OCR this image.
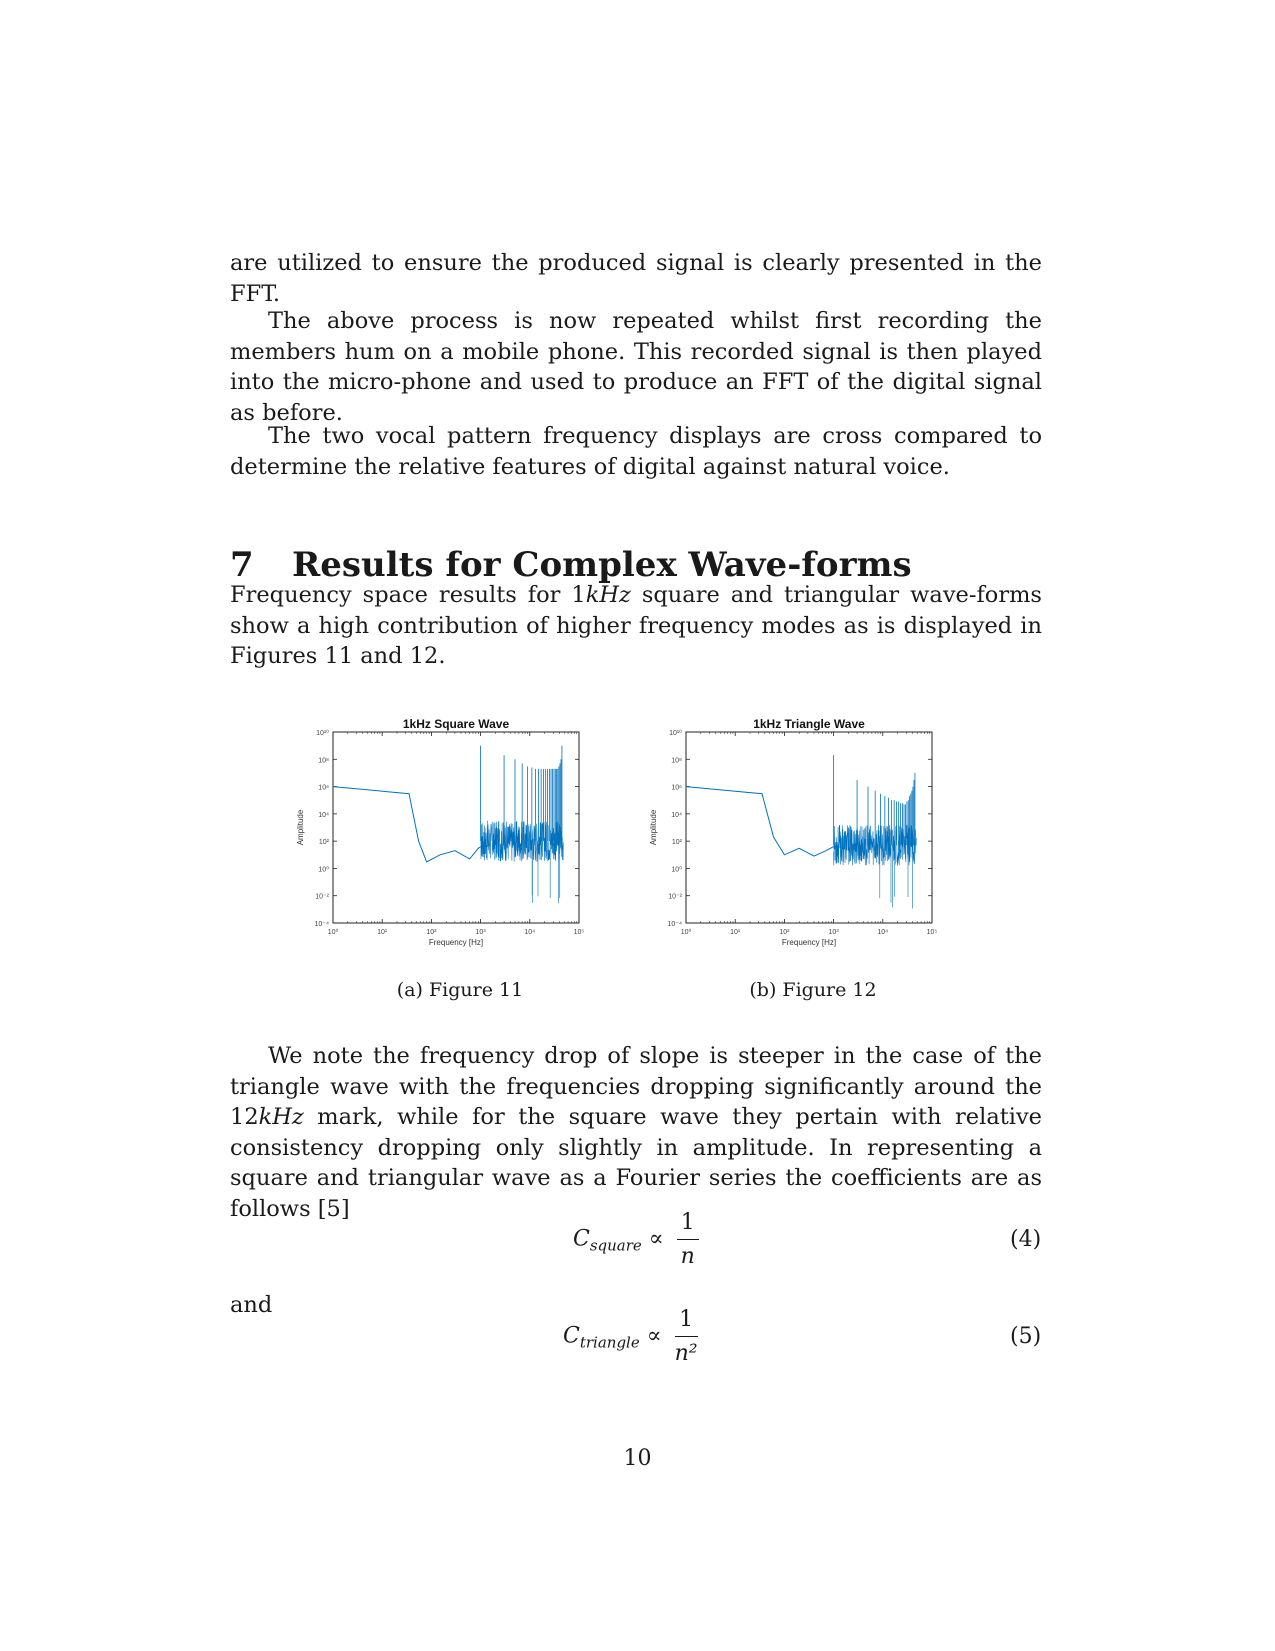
are utilized to ensure the produced signal is clearly presented in the FFT.

The above process is now repeated whilst first recording the members hum on a mobile phone. This recorded signal is then played into the micro-phone and used to produce an FFT of the digital signal as before.

The two vocal pattern frequency displays are cross compared to determine the relative features of digital against natural voice.

7 Results for Complex Wave-forms

Frequency space results for 1kHz square and triangular wave-forms show a high contribution of higher frequency modes as is displayed in Figures 11 and 12.

1kHz Square Wave
10⁻⁴
10⁻²
10⁰
10²
10⁴
10⁶
10⁸
10¹⁰
10⁰	10¹	10²	10³	10⁴	10⁵
Frequency [Hz]
Amplitude
(a) Figure 11
1kHz Triangle Wave
10⁻⁴
10⁻²
10⁰
10²
10⁴
10⁶
10⁸
10¹⁰
10⁰	10¹	10²	10³	10⁴	10⁵
Frequency [Hz]
Amplitude
(b) Figure 12

We note the frequency drop of slope is steeper in the case of the triangle wave with the frequencies dropping significantly around the 12kHz mark, while for the square wave they pertain with relative consistency dropping only slightly in amplitude. In representing a square and triangular wave as a Fourier series the coefficients are as follows [5]

$C_{square} \propto \frac{1}{n}$	(4)
and
$C_{triangle} \propto \frac{1}{\text{n²}}$	(5)
10
